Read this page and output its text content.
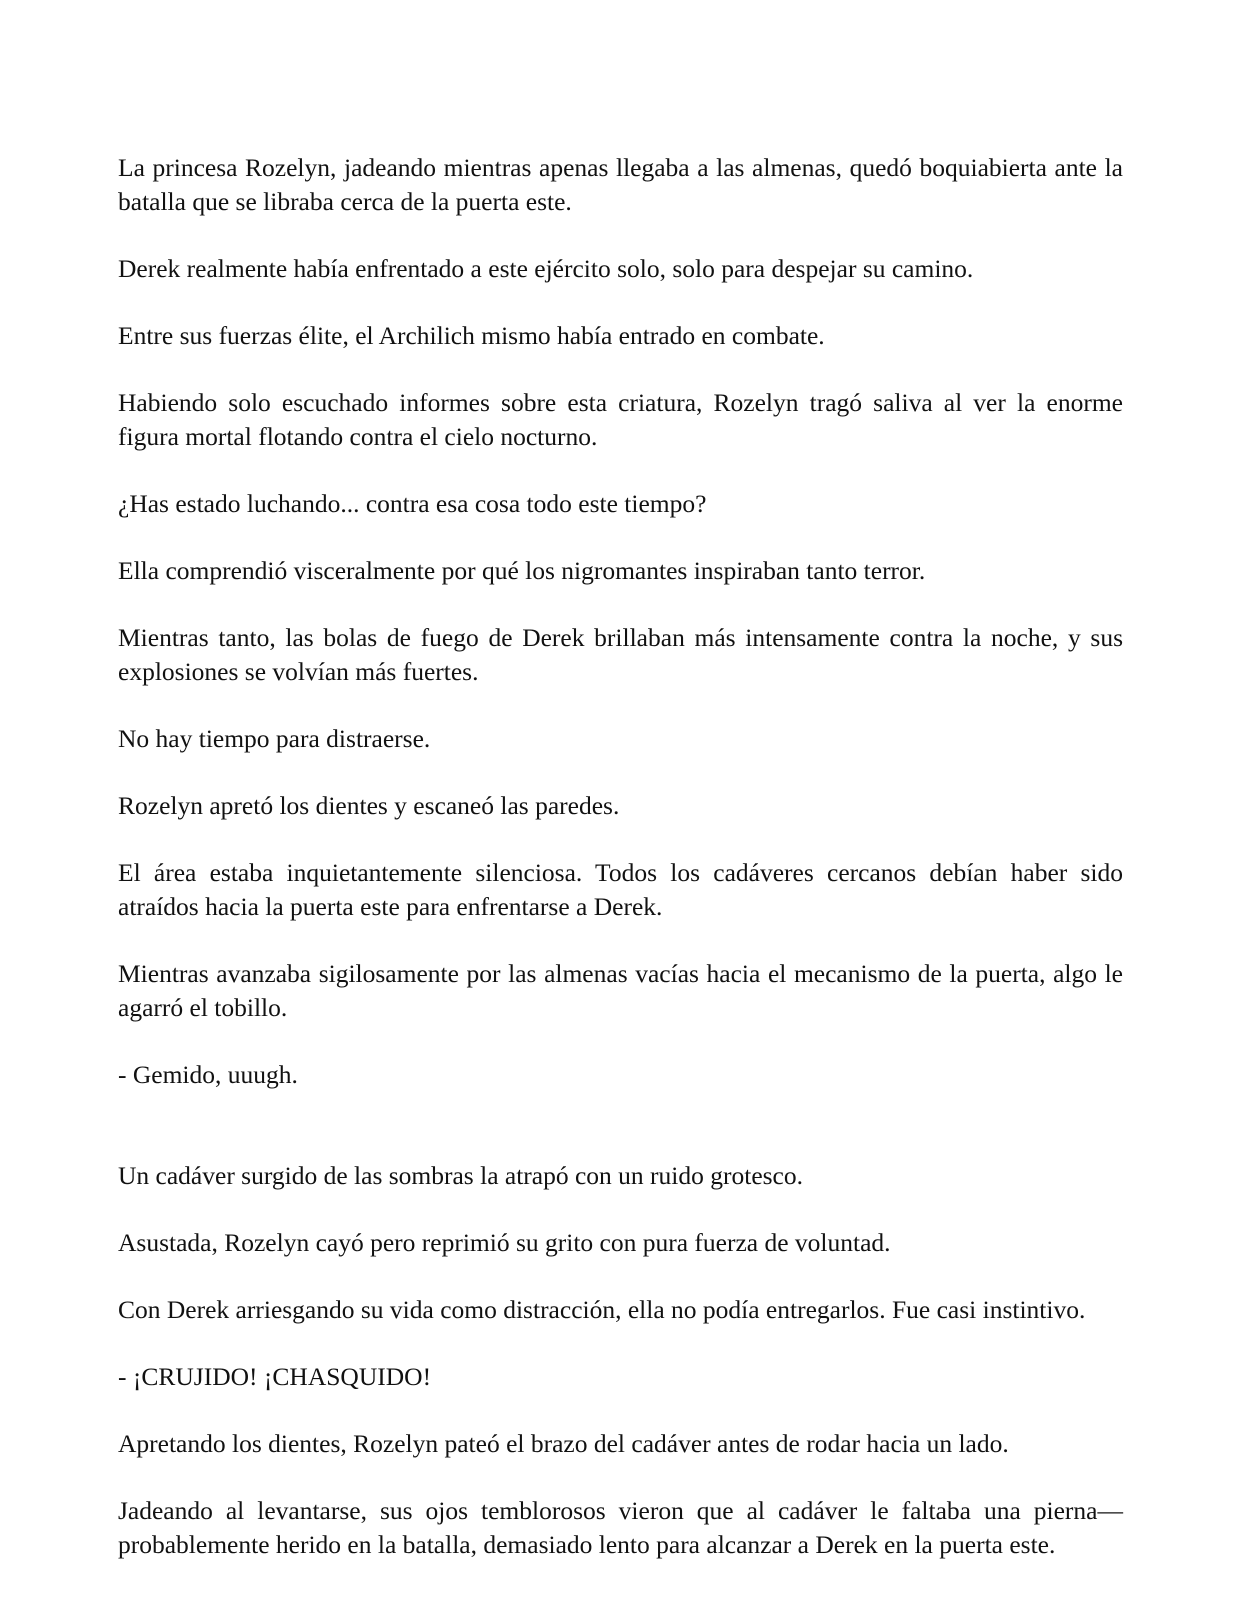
La princesa Rozelyn, jadeando mientras apenas llegaba a las almenas, quedó boquiabierta ante la batalla que se libraba cerca de la puerta este.

Derek realmente había enfrentado a este ejército solo, solo para despejar su camino.

Entre sus fuerzas élite, el Archilich mismo había entrado en combate.

Habiendo solo escuchado informes sobre esta criatura, Rozelyn tragó saliva al ver la enorme figura mortal flotando contra el cielo nocturno.

¿Has estado luchando... contra esa cosa todo este tiempo?

Ella comprendió visceralmente por qué los nigromantes inspiraban tanto terror.

Mientras tanto, las bolas de fuego de Derek brillaban más intensamente contra la noche, y sus explosiones se volvían más fuertes.

No hay tiempo para distraerse.

Rozelyn apretó los dientes y escaneó las paredes.

El área estaba inquietantemente silenciosa. Todos los cadáveres cercanos debían haber sido atraídos hacia la puerta este para enfrentarse a Derek.

Mientras avanzaba sigilosamente por las almenas vacías hacia el mecanismo de la puerta, algo le agarró el tobillo.

- Gemido, uuugh.

Un cadáver surgido de las sombras la atrapó con un ruido grotesco.

Asustada, Rozelyn cayó pero reprimió su grito con pura fuerza de voluntad.

Con Derek arriesgando su vida como distracción, ella no podía entregarlos. Fue casi instintivo.

- ¡CRUJIDO! ¡CHASQUIDO!

Apretando los dientes, Rozelyn pateó el brazo del cadáver antes de rodar hacia un lado.

Jadeando al levantarse, sus ojos temblorosos vieron que al cadáver le faltaba una pierna—probablemente herido en la batalla, demasiado lento para alcanzar a Derek en la puerta este.
